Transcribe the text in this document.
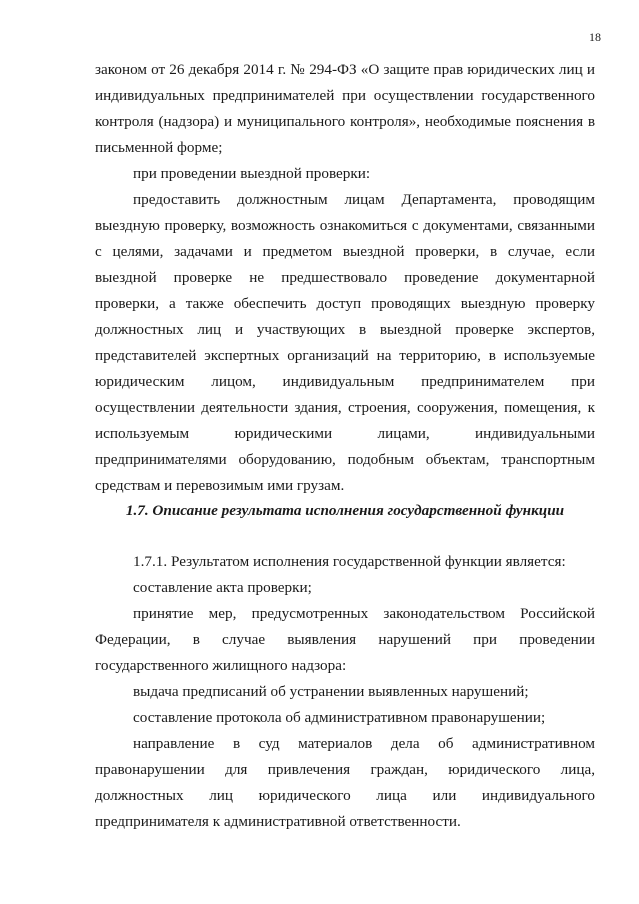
18

законом от 26 декабря 2014 г. № 294-ФЗ «О защите прав юридических лиц и индивидуальных предпринимателей при осуществлении государственного контроля (надзора) и муниципального контроля», необходимые пояснения в письменной форме;

при проведении выездной проверки:

предоставить должностным лицам Департамента, проводящим выездную проверку, возможность ознакомиться с документами, связанными с целями, задачами и предметом выездной проверки, в случае, если выездной проверке не предшествовало проведение документарной проверки, а также обеспечить доступ проводящих выездную проверку должностных лиц и участвующих в выездной проверке экспертов, представителей экспертных организаций на территорию, в используемые юридическим лицом, индивидуальным предпринимателем при осуществлении деятельности здания, строения, сооружения, помещения, к используемым юридическими лицами, индивидуальными предпринимателями оборудованию, подобным объектам, транспортным средствам и перевозимым ими грузам.

1.7. Описание результата исполнения государственной функции

1.7.1. Результатом исполнения государственной функции является:

составление акта проверки;

принятие мер, предусмотренных законодательством Российской Федерации, в случае выявления нарушений при проведении государственного жилищного надзора:

выдача предписаний об устранении выявленных нарушений;

составление протокола об административном правонарушении;

направление в суд материалов дела об административном правонарушении для привлечения граждан, юридического лица, должностных лиц юридического лица или индивидуального предпринимателя к административной ответственности.
